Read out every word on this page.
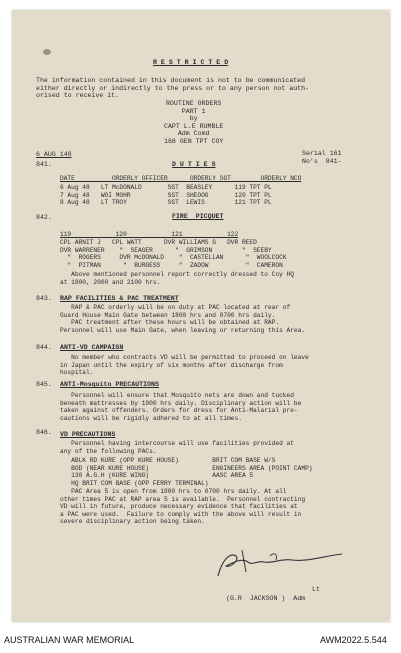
R E S T R I C T E D
The information contained in this document is not to be communicated
either directly or indirectly to the press or to any person not auth-
orised to receive it.
ROUTINE ORDERS
PART 1
by
CAPT L.E RUMBLE
Adm Comd
168 GEN TPT COY
6 AUG 148	Serial 161
No's  841-
841.	D U T I E S
DATE          ORDERLY OFFICER      ORDERLY SGT        ORDERLY NCO
6 Aug 48   LT McDONALD       SGT  BEASLEY      119 TPT PL
7 Aug 48   WOI MOHR          SGT  SHEOOG       120 TPT PL
8 Aug 48   LT TROY           SGT  LEWIS        121 TPT PL
842.	FIRE  PICQUET
119            120            121            122
CPL ARNIT J   CPL WATT      DVR WILLIAMS G   DVR REED
DVR WARRENER    "  SEAGER      "  GRIMSON        "  SEEBY
"  ROGERS     DVR McDONALD    "  CASTELLAN      "  WOOLCOCK
"  PITMAN      "  BURGESS     "  ZADOW          "  CAMERON
Above mentioned personnel report correctly dressed to Coy HQ
at 1800, 2000 and 2100 hrs.
843. RAP FACILITIES & PAC TREATMENT
RAP & PAC orderly will be on duty at PAC located at rear of
Guard House Main Gate between 1800 hrs and 0700 hrs daily.
PAC treatment after these hours will be obtained at RAP.
Personnel will use Main Gate, when leaving or returning this Area.
844. ANTI-VD CAMPAIGN
No member who contracts VD will be permitted to proceed on leave
in Japan until the expiry of six months after discharge from
hospital.
845. ANTI-Mosquito PRECAUTIONS
Personnel will ensure that Mosquito nets are down and tucked
beneath mattresses by 1900 hrs daily. Disciplinary action will be
taken against offenders. Orders for dress for Anti-Malarial pre-
cautions will be rigidly adhered to at all times.
846. VD PRECAUTIONS
Personnel having intercourse will use facilities provided at
any of the following PACs.
ABLK RD KURE (OPP KURE HOUSE)         BRIT COM BASE W/S
BOD (NEAR KURE HOUSE)                 ENGINEERS AREA (POINT CAMP)
130 A.G.H (KURE WING)                 AASC AREA 5
HQ BRIT COM BASE (OPP FERRY TERMINAL)
PAC Area 5 is open from 1800 hrs to 0700 hrs daily. At all
other times PAC at RAP area 5 is available.  Personnel contracting
VD will in future, produce necessary evidence that facilities at
a PAC were used.  Failure to comply with the above will result in
severe disciplinary action being taken.
Lt
(G.R  JACKSON )  Adm
AUSTRALIAN WAR MEMORIAL	AWM2022.5.544
